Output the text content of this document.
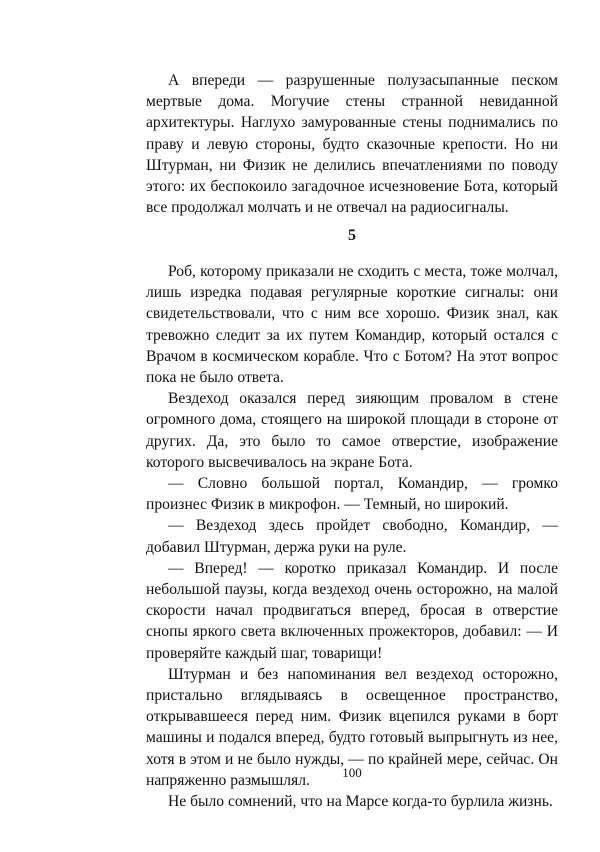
А впереди — разрушенные полузасыпанные песком мертвые дома. Могучие стены странной невиданной архитектуры. Наглухо замурованные стены поднимались по праву и левую стороны, будто сказочные крепости. Но ни Штурман, ни Физик не делились впечатлениями по поводу этого: их беспокоило загадочное исчезновение Бота, который все продолжал молчать и не отвечал на радиосигналы.

5

Роб, которому приказали не сходить с места, тоже молчал, лишь изредка подавая регулярные короткие сигналы: они свидетельствовали, что с ним все хорошо. Физик знал, как тревожно следит за их путем Командир, который остался с Врачом в космическом корабле. Что с Ботом? На этот вопрос пока не было ответа.

Вездеход оказался перед зияющим провалом в стене огромного дома, стоящего на широкой площади в стороне от других. Да, это было то самое отверстие, изображение которого высвечивалось на экране Бота.

— Словно большой портал, Командир, — громко произнес Физик в микрофон. — Темный, но широкий.

— Вездеход здесь пройдет свободно, Командир, — добавил Штурман, держа руки на руле.

— Вперед! — коротко приказал Командир. И после небольшой паузы, когда вездеход очень осторожно, на малой скорости начал продвигаться вперед, бросая в отверстие снопы яркого света включенных прожекторов, добавил: — И проверяйте каждый шаг, товарищи!

Штурман и без напоминания вел вездеход осторожно, пристально вглядываясь в освещенное пространство, открывавшееся перед ним. Физик вцепился руками в борт машины и подался вперед, будто готовый выпрыгнуть из нее, хотя в этом и не было нужды, — по крайней мере, сейчас. Он напряженно размышлял.

Не было сомнений, что на Марсе когда-то бурлила жизнь.

100
